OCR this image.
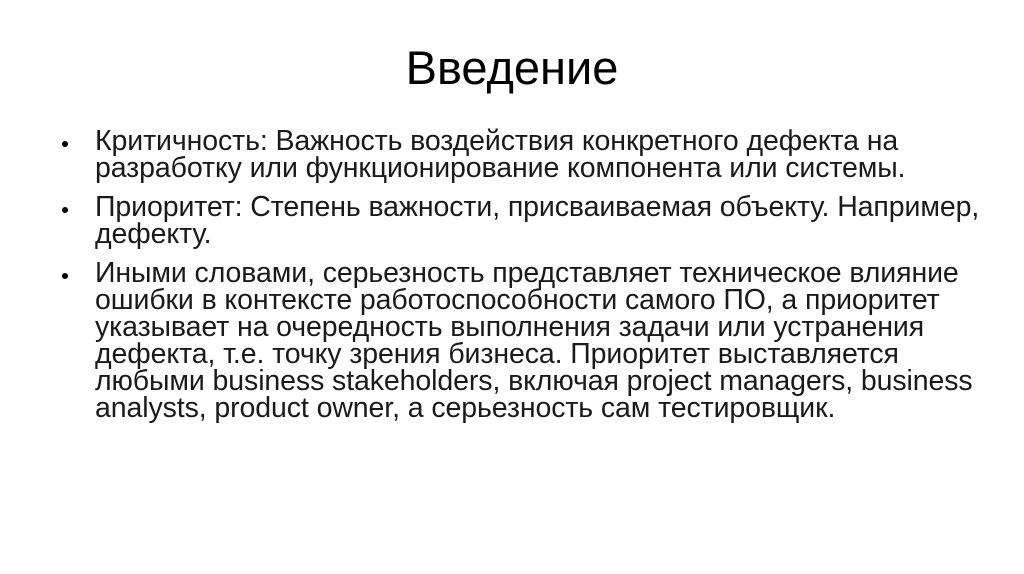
Введение
Критичность: Важность воздействия конкретного дефекта на разработку или функционирование компонента или системы.
Приоритет: Степень важности, присваиваемая объекту. Например, дефекту.
Иными словами, серьезность представляет техническое влияние ошибки в контексте работоспособности самого ПО, а приоритет указывает на очередность выполнения задачи или устранения дефекта, т.е. точку зрения бизнеса. Приоритет выставляется любыми business stakeholders, включая project managers, business analysts, product owner, а серьезность сам тестировщик.
